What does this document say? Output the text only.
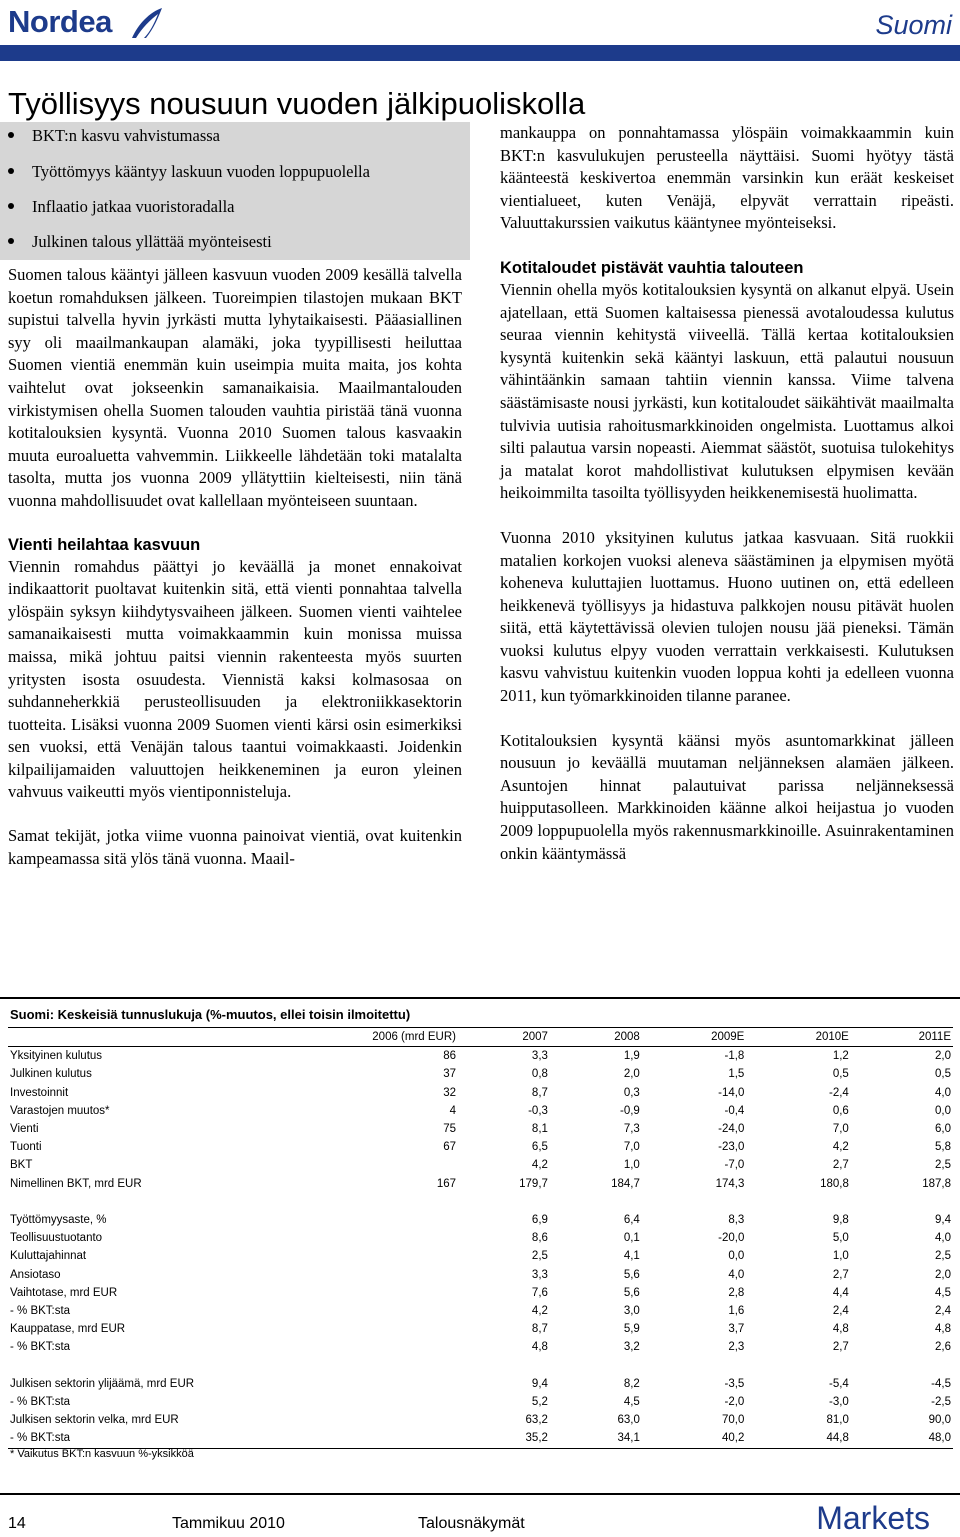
Nordea	Suomi
Työllisyys nousuun vuoden jälkipuoliskolla
BKT:n kasvu vahvistumassa
Työttömyys kääntyy laskuun vuoden loppupuolella
Inflaatio jatkaa vuoristoradalla
Julkinen talous yllättää myönteisesti

Suomen talous kääntyi jälleen kasvuun vuoden 2009 kesällä talvella koetun romahduksen jälkeen. Tuoreimpien tilastojen mukaan BKT supistui talvella hyvin jyrkästi mutta lyhytaikaisesti. Pääasiallinen syy oli maailmankaupan alamäki, joka tyypillisesti heiluttaa Suomen vientiä enemmän kuin useimpia muita maita, jos kohta vaihtelut ovat jokseenkin samanaikaisia. Maailmantalouden virkistymisen ohella Suomen talouden vauhtia piristää tänä vuonna kotitalouksien kysyntä. Vuonna 2010 Suomen talous kasvaakin muuta euroaluetta vahvemmin. Liikkeelle lähdetään toki matalalta tasolta, mutta jos vuonna 2009 yllätyttiin kielteisesti, niin tänä vuonna mahdollisuudet ovat kallellaan myönteiseen suuntaan.

Vienti heilahtaa kasvuun

Viennin romahdus päättyi jo keväällä ja monet ennakoivat indikaattorit puoltavat kuitenkin sitä, että vienti ponnahtaa talvella ylöspäin syksyn kiihdytysvaiheen jälkeen. Suomen vienti vaihtelee samanaikaisesti mutta voimakkaammin kuin monissa muissa maissa, mikä johtuu paitsi viennin rakenteesta myös suurten yritysten isosta osuudesta. Viennistä kaksi kolmasosaa on suhdanneherkkiä perusteollisuuden ja elektroniikkasektorin tuotteita. Lisäksi vuonna 2009 Suomen vienti kärsi osin esimerkiksi sen vuoksi, että Venäjän talous taantui voimakkaasti. Joidenkin kilpailijamaiden valuuttojen heikkeneminen ja euron yleinen vahvuus vaikeutti myös vientiponnisteluja.

Samat tekijät, jotka viime vuonna painoivat vientiä, ovat kuitenkin kampeamassa sitä ylös tänä vuonna. Maail-

mankauppa on ponnahtamassa ylöspäin voimakkaammin kuin BKT:n kasvulukujen perusteella näyttäisi. Suomi hyötyy tästä käänteestä keskivertoa enemmän varsinkin kun eräät keskeiset vientialueet, kuten Venäjä, elpyvät verrattain ripeästi. Valuuttakurssien vaikutus kääntynee myönteiseksi.

Kotitaloudet pistävät vauhtia talouteen

Viennin ohella myös kotitalouksien kysyntä on alkanut elpyä. Usein ajatellaan, että Suomen kaltaisessa pienessä avotaloudessa kulutus seuraa viennin kehitystä viiveellä. Tällä kertaa kotitalouksien kysyntä kuitenkin sekä kääntyi laskuun, että palautui nousuun vähintäänkin samaan tahtiin viennin kanssa. Viime talvena säästämisaste nousi jyrkästi, kun kotitaloudet säikähtivät maailmalta tulvivia uutisia rahoitusmarkkinoiden ongelmista. Luottamus alkoi silti palautua varsin nopeasti. Aiemmat säästöt, suotuisa tulokehitys ja matalat korot mahdollistivat kulutuksen elpymisen kevään heikoimmilta tasoilta työllisyyden heikkenemisestä huolimatta.

Vuonna 2010 yksityinen kulutus jatkaa kasvuaan. Sitä ruokkii matalien korkojen vuoksi aleneva säästäminen ja elpymisen myötä koheneva kuluttajien luottamus. Huono uutinen on, että edelleen heikkenevä työllisyys ja hidastuva palkkojen nousu pitävät huolen siitä, että käytettävissä olevien tulojen nousu jää pieneksi. Tämän vuoksi kulutus elpyy vuoden verrattain verkkaisesti. Kulutuksen kasvu vahvistuu kuitenkin vuoden loppua kohti ja edelleen vuonna 2011, kun työmarkkinoiden tilanne paranee.

Kotitalouksien kysyntä käänsi myös asuntomarkkinat jälleen nousuun jo keväällä muutaman neljänneksen alamäen jälkeen. Asuntojen hinnat palautuivat parissa neljänneksessä huipputasolleen. Markkinoiden käänne alkoi heijastua jo vuoden 2009 loppupuolella myös rakennusmarkkinoille. Asuinrakentaminen onkin kääntymässä

Suomi: Keskeisiä tunnuslukuja (%-muutos, ellei toisin ilmoitettu)
	2006 (mrd EUR)	2007	2008	2009E	2010E	2011E
Yksityinen kulutus	86	3,3	1,9	-1,8	1,2	2,0
Julkinen kulutus	37	0,8	2,0	1,5	0,5	0,5
Investoinnit	32	8,7	0,3	-14,0	-2,4	4,0
Varastojen muutos*	4	-0,3	-0,9	-0,4	0,6	0,0
Vienti	75	8,1	7,3	-24,0	7,0	6,0
Tuonti	67	6,5	7,0	-23,0	4,2	5,8
BKT		4,2	1,0	-7,0	2,7	2,5
Nimellinen BKT, mrd EUR	167	179,7	184,7	174,3	180,8	187,8

Työttömyysaste, %		6,9	6,4	8,3	9,8	9,4
Teollisuustuotanto		8,6	0,1	-20,0	5,0	4,0
Kuluttajahinnat		2,5	4,1	0,0	1,0	2,5
Ansiotaso		3,3	5,6	4,0	2,7	2,0
Vaihtotase, mrd EUR		7,6	5,6	2,8	4,4	4,5
- % BKT:sta		4,2	3,0	1,6	2,4	2,4
Kauppatase, mrd EUR		8,7	5,9	3,7	4,8	4,8
- % BKT:sta		4,8	3,2	2,3	2,7	2,6

Julkisen sektorin ylijäämä, mrd EUR		9,4	8,2	-3,5	-5,4	-4,5
- % BKT:sta		5,2	4,5	-2,0	-3,0	-2,5
Julkisen sektorin velka, mrd EUR		63,2	63,0	70,0	81,0	90,0
- % BKT:sta		35,2	34,1	40,2	44,8	48,0
* Vaikutus BKT:n kasvuun %-yksikköä
14	Tammikuu 2010	Talousnäkymät	Markets
